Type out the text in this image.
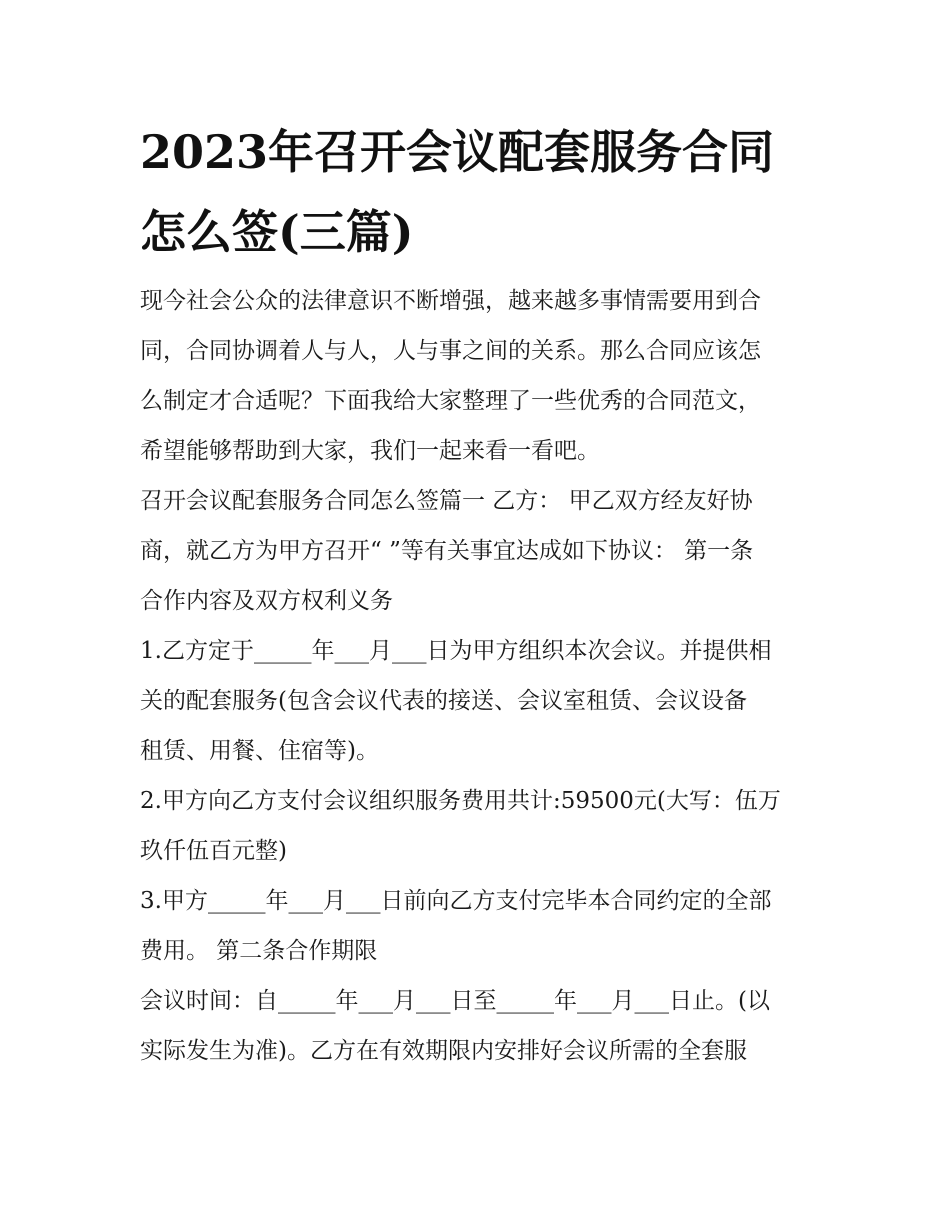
2023年召开会议配套服务合同
怎么签(三篇)

现今社会公众的法律意识不断增强，越来越多事情需要用到合
同，合同协调着人与人，人与事之间的关系。那么合同应该怎
么制定才合适呢？下面我给大家整理了一些优秀的合同范文，
希望能够帮助到大家，我们一起来看一看吧。

召开会议配套服务合同怎么签篇一 乙方： 甲乙双方经友好协
商，就乙方为甲方召开“ ”等有关事宜达成如下协议： 第一条
合作内容及双方权利义务

1.乙方定于_____年___月___日为甲方组织本次会议。并提供相
关的配套服务(包含会议代表的接送、会议室租赁、会议设备
租赁、用餐、住宿等)。

2.甲方向乙方支付会议组织服务费用共计:59500元(大写：伍万
玖仟伍百元整)

3.甲方_____年___月___日前向乙方支付完毕本合同约定的全部
费用。 第二条合作期限

会议时间：自_____年___月___日至_____年___月___日止。(以
实际发生为准)。乙方在有效期限内安排好会议所需的全套服
